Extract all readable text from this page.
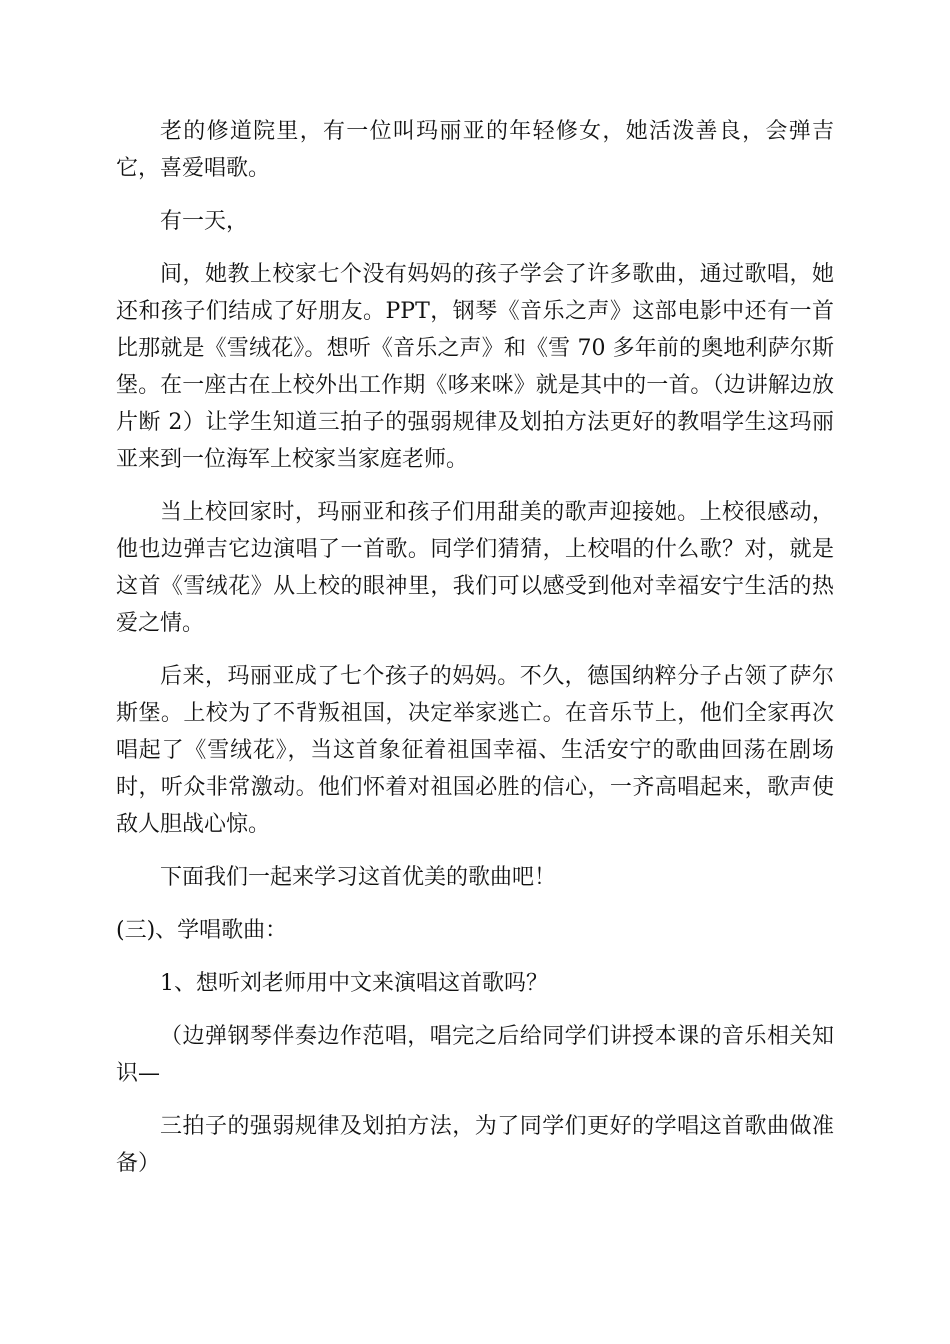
老的修道院里，有一位叫玛丽亚的年轻修女，她活泼善良，会弹吉它，喜爱唱歌。

有一天，

间，她教上校家七个没有妈妈的孩子学会了许多歌曲，通过歌唱，她还和孩子们结成了好朋友。PPT，钢琴《音乐之声》这部电影中还有一首比那就是《雪绒花》。想听《音乐之声》和《雪 70 多年前的奥地利萨尔斯堡。在一座古在上校外出工作期《哆来咪》就是其中的一首。（边讲解边放片断 2）让学生知道三拍子的强弱规律及划拍方法更好的教唱学生这玛丽亚来到一位海军上校家当家庭老师。

当上校回家时，玛丽亚和孩子们用甜美的歌声迎接她。上校很感动，他也边弹吉它边演唱了一首歌。同学们猜猜，上校唱的什么歌？对，就是这首《雪绒花》从上校的眼神里，我们可以感受到他对幸福安宁生活的热爱之情。

后来，玛丽亚成了七个孩子的妈妈。不久，德国纳粹分子占领了萨尔斯堡。上校为了不背叛祖国，决定举家逃亡。在音乐节上，他们全家再次唱起了《雪绒花》，当这首象征着祖国幸福、生活安宁的歌曲回荡在剧场时，听众非常激动。他们怀着对祖国必胜的信心，一齐高唱起来，歌声使敌人胆战心惊。

下面我们一起来学习这首优美的歌曲吧！

(三)、学唱歌曲：

1、想听刘老师用中文来演唱这首歌吗？

（边弹钢琴伴奏边作范唱，唱完之后给同学们讲授本课的音乐相关知识—

三拍子的强弱规律及划拍方法，为了同学们更好的学唱这首歌曲做准备）
